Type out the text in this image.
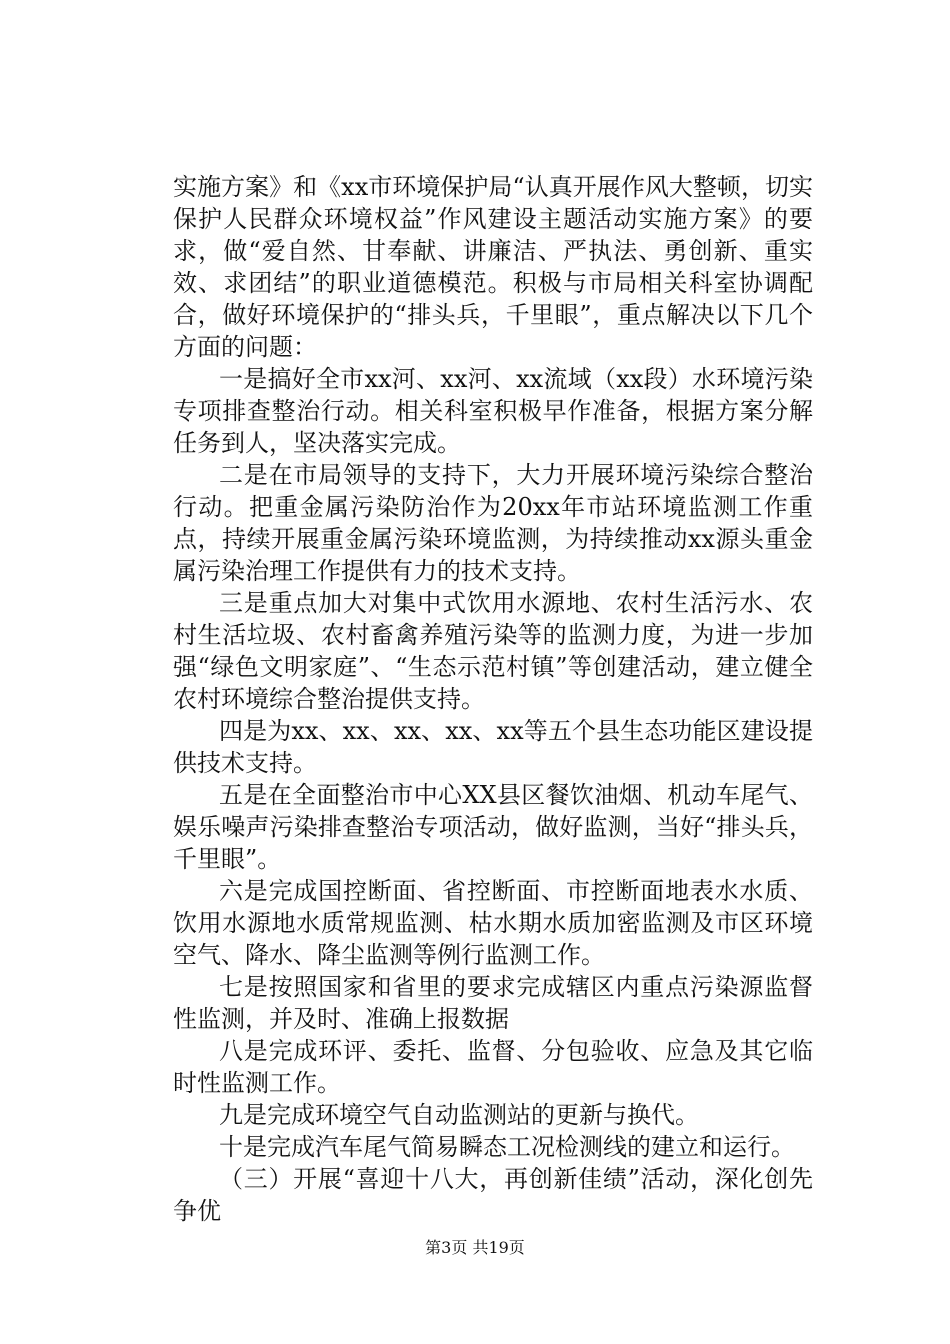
实施方案》和《xx市环境保护局“认真开展作风大整顿，切实保护人民群众环境权益”作风建设主题活动实施方案》的要求，做“爱自然、甘奉献、讲廉洁、严执法、勇创新、重实效、求团结”的职业道德模范。积极与市局相关科室协调配合，做好环境保护的“排头兵，千里眼”，重点解决以下几个方面的问题：

一是搞好全市xx河、xx河、xx流域（xx段）水环境污染专项排查整治行动。相关科室积极早作准备，根据方案分解任务到人，坚决落实完成。

二是在市局领导的支持下，大力开展环境污染综合整治行动。把重金属污染防治作为20xx年市站环境监测工作重点，持续开展重金属污染环境监测，为持续推动xx源头重金属污染治理工作提供有力的技术支持。

三是重点加大对集中式饮用水源地、农村生活污水、农村生活垃圾、农村畜禽养殖污染等的监测力度，为进一步加强“绿色文明家庭”、“生态示范村镇”等创建活动，建立健全农村环境综合整治提供支持。

四是为xx、xx、xx、xx、xx等五个县生态功能区建设提供技术支持。

五是在全面整治市中心XX县区餐饮油烟、机动车尾气、娱乐噪声污染排查整治专项活动，做好监测，当好“排头兵，千里眼”。

六是完成国控断面、省控断面、市控断面地表水水质、饮用水源地水质常规监测、枯水期水质加密监测及市区环境空气、降水、降尘监测等例行监测工作。

七是按照国家和省里的要求完成辖区内重点污染源监督性监测，并及时、准确上报数据

八是完成环评、委托、监督、分包验收、应急及其它临时性监测工作。

九是完成环境空气自动监测站的更新与换代。

十是完成汽车尾气简易瞬态工况检测线的建立和运行。

（三）开展“喜迎十八大，再创新佳绩”活动，深化创先争优

第3页 共19页
